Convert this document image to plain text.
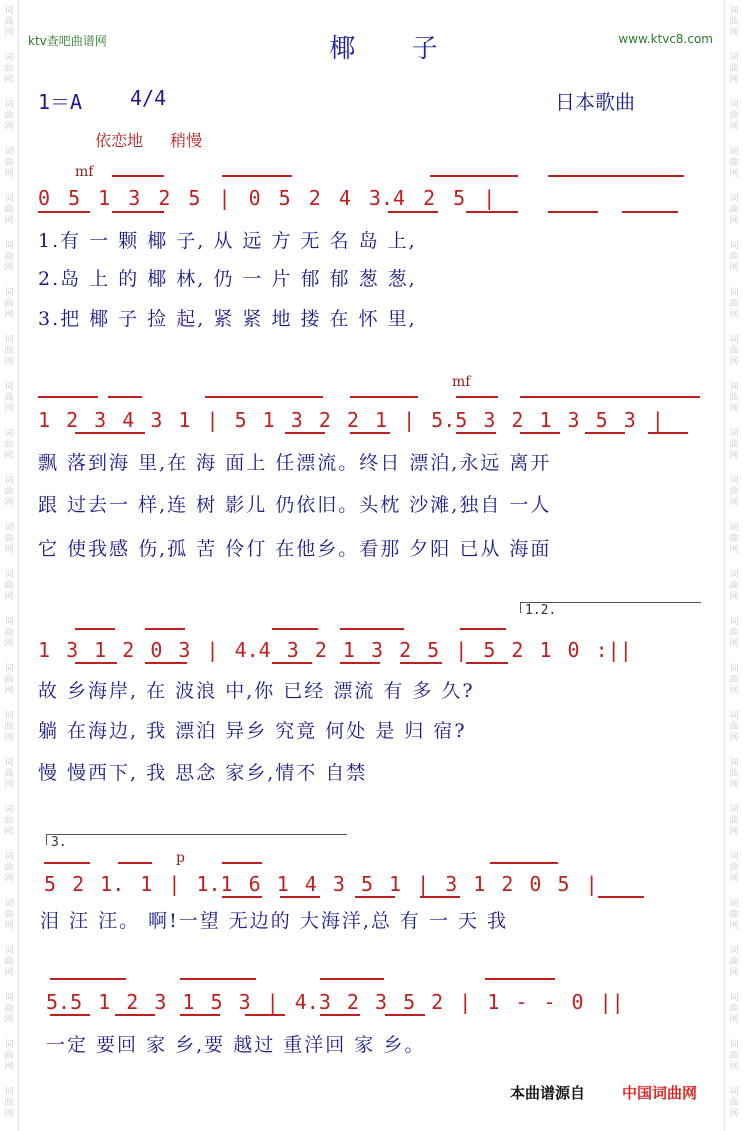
词
曲
网
词
曲
网
词
曲
网
词
曲
网
词
曲
网
词
曲
网
词
曲
网
词
曲
网
词
曲
网
词
曲
网
词
曲
网
词
曲
网
词
曲
网
词
曲
网
词
曲
网
词
曲
网
词
曲
网
词
曲
网
词
曲
网
词
曲
网
词
曲
网
词
曲
网
词
曲
网
词
曲
网
词
曲
网
词
曲
网
词
曲
网
词
曲
网
词
曲
网
词
曲
网
词
曲
网
词
曲
网
词
曲
网
词
曲
网
词
曲
网
词
曲
网
词
曲
网
词
曲
网
词
曲
网
词
曲
网
词
曲
网
词
曲
网
词
曲
网
词
曲
网
词
曲
网
词
曲
网
词
曲
网
词
曲
网
ktv查吧曲谱网	www.ktvc8.com
椰 子
1＝A 4/4	日本歌曲
依恋地 稍慢
mf
0 5 1 3 2 5 | 0 5 2 4 3.4 2 5 |
1.有 一 颗 椰 子, 从 远 方 无 名 岛 上,
2.岛 上 的 椰 林, 仍 一 片 郁 郁 葱 葱,
3.把 椰 子 捡 起, 紧 紧 地 搂 在 怀 里,
mf
1 2 3 4 3 1 | 5 1 3 2 2 1 | 5.5 3 2 1 3 5 3 |
飘 落到海 里,在 海 面上 任漂流。终日 漂泊,永远 离开
跟 过去一 样,连 树 影儿 仍依旧。头枕 沙滩,独自 一人
它 使我感 伤,孤 苦 伶仃 在他乡。看那 夕阳 已从 海面
1.2.
1 3 1 2 0 3 | 4.4 3 2 1 3 2 5 | 5 2 1 0 :||
故 乡海岸, 在 波浪 中,你 已经 漂流 有 多 久?
躺 在海边, 我 漂泊 异乡 究竟 何处 是 归 宿?
慢 慢西下, 我 思念 家乡,情不 自禁
3.
p
5 2 1. 1 | 1.1 6 1 4 3 5 1 | 3 1 2 0 5 |
泪 汪 汪。 啊!一望 无边的 大海洋,总 有 一 天 我
5.5 1 2 3 1 5 3 | 4.3 2 3 5 2 | 1 - - 0 ||
一定 要回 家 乡,要 越过 重洋回 家 乡。
本曲谱源自 中国词曲网
